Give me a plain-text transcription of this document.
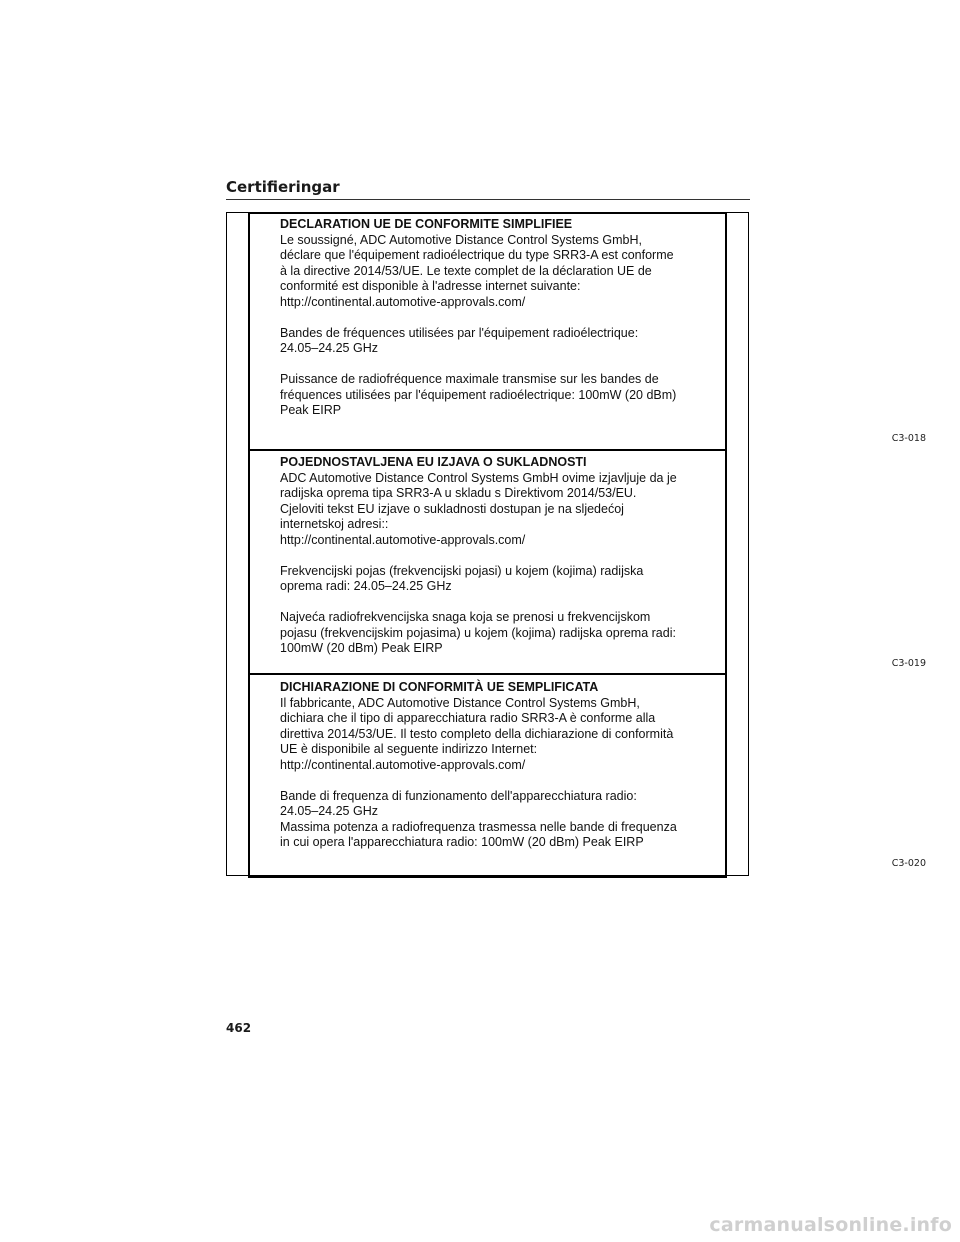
Certifieringar

DECLARATION UE DE CONFORMITE SIMPLIFIEE

Le soussigné, ADC Automotive Distance Control Systems GmbH,
déclare que l'équipement radioélectrique du type SRR3-A est conforme
à la directive 2014/53/UE. Le texte complet de la déclaration UE de
conformité est disponible à l'adresse internet suivante:
http://continental.automotive-approvals.com/

Bandes de fréquences utilisées par l'équipement radioélectrique:
24.05–24.25 GHz

Puissance de radiofréquence maximale transmise sur les bandes de
fréquences utilisées par l'équipement radioélectrique: 100mW (20 dBm)
Peak EIRP

C3-018

POJEDNOSTAVLJENA EU IZJAVA O SUKLADNOSTI

ADC Automotive Distance Control Systems GmbH ovime izjavljuje da je
radijska oprema tipa SRR3-A u skladu s Direktivom 2014/53/EU.
Cjeloviti tekst EU izjave o sukladnosti dostupan je na sljedećoj
internetskoj adresi::
http://continental.automotive-approvals.com/

Frekvencijski pojas (frekvencijski pojasi) u kojem (kojima) radijska
oprema radi: 24.05–24.25 GHz

Najveća radiofrekvencijska snaga koja se prenosi u frekvencijskom
pojasu (frekvencijskim pojasima) u kojem (kojima) radijska oprema radi:
100mW (20 dBm) Peak EIRP

C3-019

DICHIARAZIONE DI CONFORMITÀ UE SEMPLIFICATA

Il fabbricante, ADC Automotive Distance Control Systems GmbH,
dichiara che il tipo di apparecchiatura radio SRR3-A è conforme alla
direttiva 2014/53/UE. Il testo completo della dichiarazione di conformità
UE è disponibile al seguente indirizzo Internet:
http://continental.automotive-approvals.com/

Bande di frequenza di funzionamento dell'apparecchiatura radio:
24.05–24.25 GHz
Massima potenza a radiofrequenza trasmessa nelle bande di frequenza
in cui opera l'apparecchiatura radio: 100mW (20 dBm) Peak EIRP

C3-020
462
carmanualsonline.info
